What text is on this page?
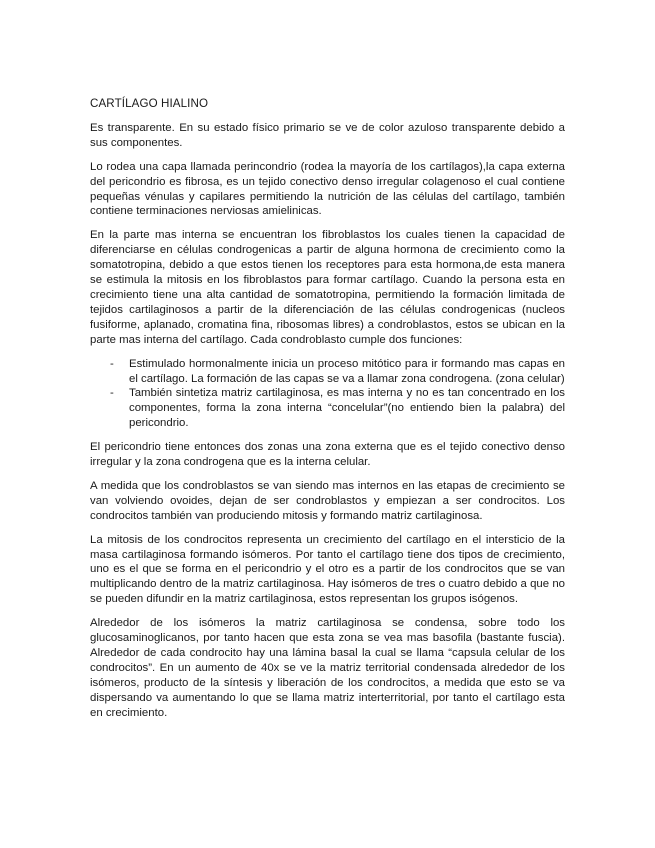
CARTÍLAGO HIALINO

Es transparente. En su estado físico primario se ve de color azuloso transparente debido a sus componentes.

Lo rodea una capa llamada perincondrio (rodea la mayoría de los cartílagos),la capa externa del pericondrio es fibrosa, es un tejido conectivo denso irregular colagenoso el cual contiene pequeñas vénulas y capilares permitiendo la nutrición de las células del cartílago, también contiene terminaciones nerviosas amielinicas.

En la parte mas interna se encuentran los fibroblastos los cuales tienen la capacidad de diferenciarse en células condrogenicas a partir de alguna hormona de crecimiento como la somatotropina, debido a que estos tienen los receptores para esta hormona,de esta manera se estimula la mitosis en los fibroblastos para formar cartílago. Cuando la persona esta en crecimiento tiene una alta cantidad de somatotropina, permitiendo la formación limitada de tejidos cartilaginosos a partir de la diferenciación de las células condrogenicas (nucleos fusiforme, aplanado, cromatina fina, ribosomas libres) a condroblastos, estos se ubican en la parte mas interna del cartílago. Cada condroblasto cumple dos funciones:

- Estimulado hormonalmente inicia un proceso mitótico para ir formando mas capas en el cartílago. La formación de las capas se va a llamar zona condrogena. (zona celular)
- También sintetiza matriz cartilaginosa, es mas interna y no es tan concentrado en los componentes, forma la zona interna “concelular”(no entiendo bien la palabra) del pericondrio.

El pericondrio tiene entonces dos zonas una zona externa que es el tejido conectivo denso irregular y la zona condrogena que es la interna celular.

A medida que los condroblastos se van siendo mas internos en las etapas de crecimiento se van volviendo ovoides, dejan de ser condroblastos y empiezan a ser condrocitos. Los condrocitos también van produciendo mitosis y formando matriz cartilaginosa.

La mitosis de los condrocitos representa un crecimiento del cartílago en el intersticio de la masa cartilaginosa formando isómeros. Por tanto el cartílago tiene dos tipos de crecimiento, uno es el que se forma en el pericondrio y el otro es a partir de los condrocitos que se van multiplicando dentro de la matriz cartilaginosa. Hay isómeros de tres o cuatro debido a que no se pueden difundir en la matriz cartilaginosa, estos representan los grupos isógenos.

Alrededor de los isómeros la matriz cartilaginosa se condensa, sobre todo los glucosaminoglicanos, por tanto hacen que esta zona se vea mas basofila (bastante fuscia). Alrededor de cada condrocito hay una lámina basal la cual se llama “capsula celular de los condrocitos”. En un aumento de 40x se ve la matriz territorial condensada alrededor de los isómeros, producto de la síntesis y liberación de los condrocitos, a medida que esto se va dispersando va aumentando lo que se llama matriz interterritorial, por tanto el cartílago esta en crecimiento.
